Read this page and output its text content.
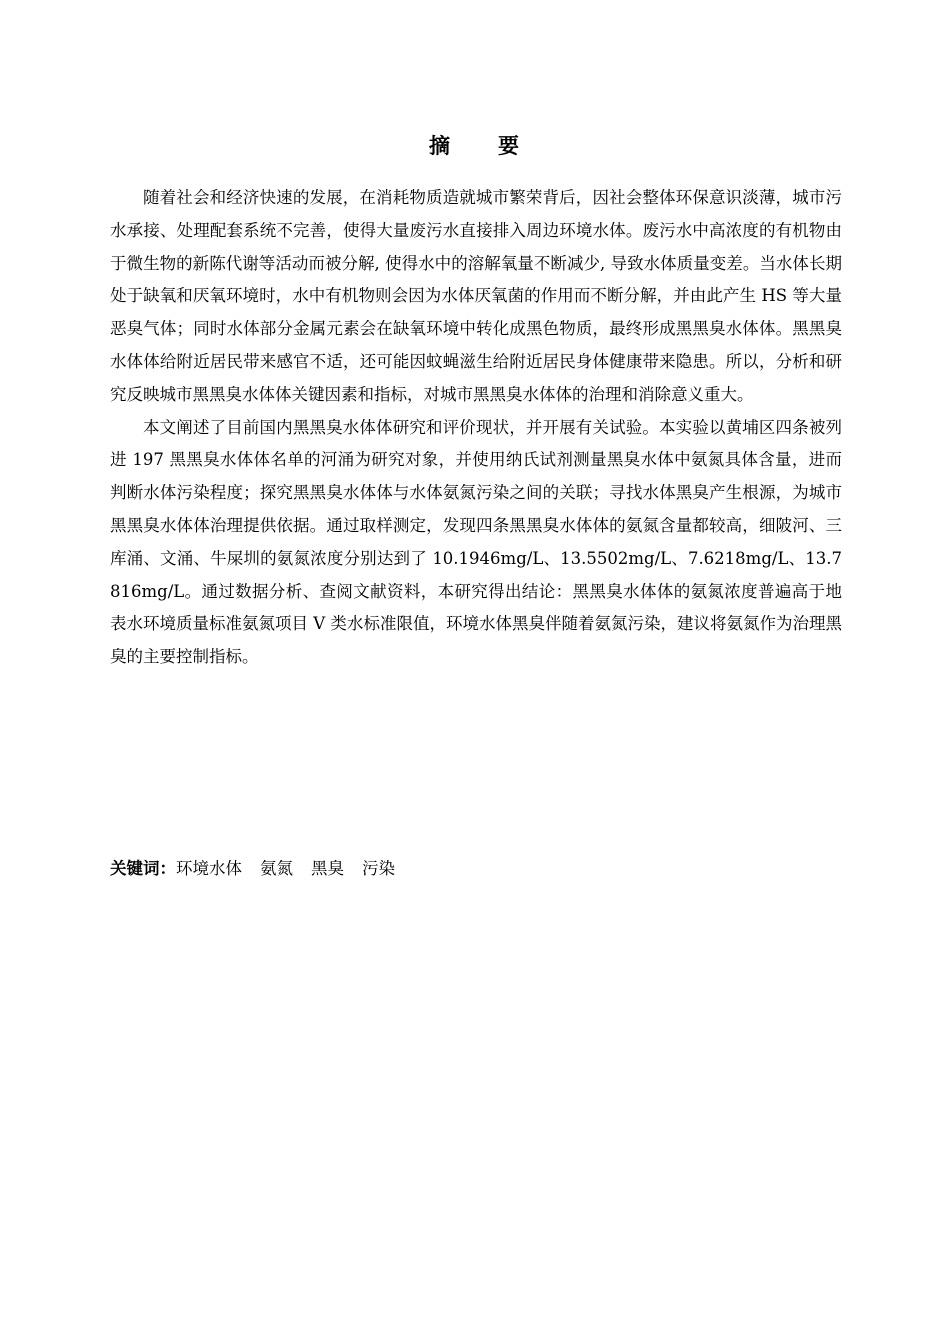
摘　　要

随着社会和经济快速的发展，在消耗物质造就城市繁荣背后，因社会整体环保意识淡薄，城市污水承接、处理配套系统不完善，使得大量废污水直接排入周边环境水体。废污水中高浓度的有机物由于微生物的新陈代谢等活动而被分解, 使得水中的溶解氧量不断减少, 导致水体质量变差。当水体长期处于缺氧和厌氧环境时，水中有机物则会因为水体厌氧菌的作用而不断分解，并由此产生 HS 等大量恶臭气体；同时水体部分金属元素会在缺氧环境中转化成黑色物质，最终形成黑黑臭水体体。黑黑臭水体体给附近居民带来感官不适，还可能因蚊蝇滋生给附近居民身体健康带来隐患。所以，分析和研究反映城市黑黑臭水体体关键因素和指标，对城市黑黑臭水体体的治理和消除意义重大。

本文阐述了目前国内黑黑臭水体体研究和评价现状，并开展有关试验。本实验以黄埔区四条被列进 197 黑黑臭水体体名单的河涌为研究对象，并使用纳氏试剂测量黑臭水体中氨氮具体含量，进而判断水体污染程度；探究黑黑臭水体体与水体氨氮污染之间的关联；寻找水体黑臭产生根源，为城市黑黑臭水体体治理提供依据。通过取样测定，发现四条黑黑臭水体体的氨氮含量都较高，细陂河、三库涌、文涌、牛屎圳的氨氮浓度分别达到了 10.1946mg/L、13.5502mg/L、7.6218mg/L、13.7816mg/L。通过数据分析、查阅文献资料，本研究得出结论：黑黑臭水体体的氨氮浓度普遍高于地表水环境质量标准氨氮项目 V 类水标准限值，环境水体黑臭伴随着氨氮污染，建议将氨氮作为治理黑臭的主要控制指标。

关键词：环境水体 氨氮 黑臭 污染
